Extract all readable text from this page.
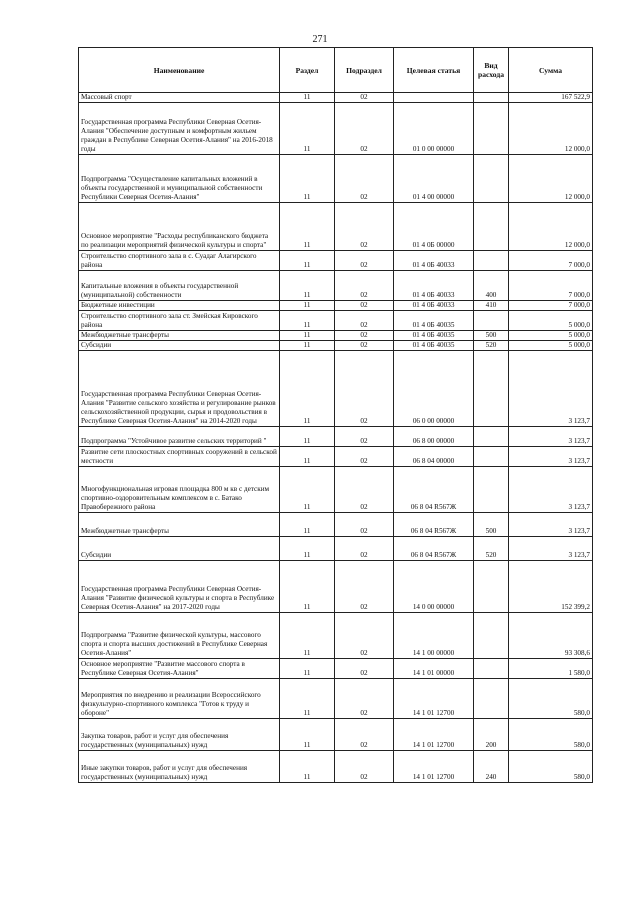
271
Наименование	Раздел	Подраздел	Целевая статья	Вид расхода	Сумма
Массовый спорт	11	02			167 522,9
Государственная программа Республики Северная Осетия-Алания "Обеспечение доступным и комфортным жильем граждан в Республике Северная Осетия-Алания" на 2016-2018 годы	11	02	01 0 00 00000		12 000,0
Подпрограмма "Осуществление капитальных вложений в объекты государственной и муниципальной собственности Республики Северная Осетия-Алания"	11	02	01 4 00 00000		12 000,0
Основное мероприятие "Расходы республиканского бюджета по реализации мероприятий физической культуры и спорта"	11	02	01 4 0Б 00000		12 000,0
Строительство спортивного зала в с. Суадаг Алагирского района	11	02	01 4 0Б 40033		7 000,0
Капитальные вложения в объекты государственной (муниципальной) собственности	11	02	01 4 0Б 40033	400	7 000,0
Бюджетные инвестиции	11	02	01 4 0Б 40033	410	7 000,0
Строительство спортивного зала ст. Змейская Кировского района	11	02	01 4 0Б 40035		5 000,0
Межбюджетные трансферты	11	02	01 4 0Б 40035	500	5 000,0
Субсидии	11	02	01 4 0Б 40035	520	5 000,0
Государственная программа Республики Северная Осетия-Алания "Развитие сельского хозяйства и регулирование рынков сельскохозяйственной продукции, сырья и продовольствия в Республике Северная Осетия-Алания" на 2014-2020 годы	11	02	06 0 00 00000		3 123,7
Подпрограмма "Устойчивое развитие сельских территорий "	11	02	06 8 00 00000		3 123,7
Развитие сети плоскостных спортивных сооружений в сельской местности	11	02	06 8 04 00000		3 123,7
Многофункциональная игровая площадка 800 м кв с детским спортивно-оздоровительным комплексом в с. Батако Правобережного района	11	02	06 8 04 R567Ж		3 123,7
Межбюджетные трансферты	11	02	06 8 04 R567Ж	500	3 123,7
Субсидии	11	02	06 8 04 R567Ж	520	3 123,7
Государственная программа Республики Северная Осетия-Алания "Развитие физической культуры и спорта в Республике Северная Осетия-Алания" на 2017-2020 годы	11	02	14 0 00 00000		152 399,2
Подпрограмма "Развитие физической культуры, массового спорта и спорта высших достижений в Республике Северная Осетия-Алания"	11	02	14 1 00 00000		93 308,6
Основное мероприятие "Развитие массового спорта в Республике Северная Осетия-Алания"	11	02	14 1 01 00000		1 580,0
Мероприятия по внедрению и реализации Всероссийского физкультурно-спортивного комплекса "Готов к труду и обороне"	11	02	14 1 01 12700		580,0
Закупка товаров, работ и услуг для обеспечения государственных (муниципальных) нужд	11	02	14 1 01 12700	200	580,0
Иные закупки товаров, работ и услуг для обеспечения государственных (муниципальных) нужд	11	02	14 1 01 12700	240	580,0
